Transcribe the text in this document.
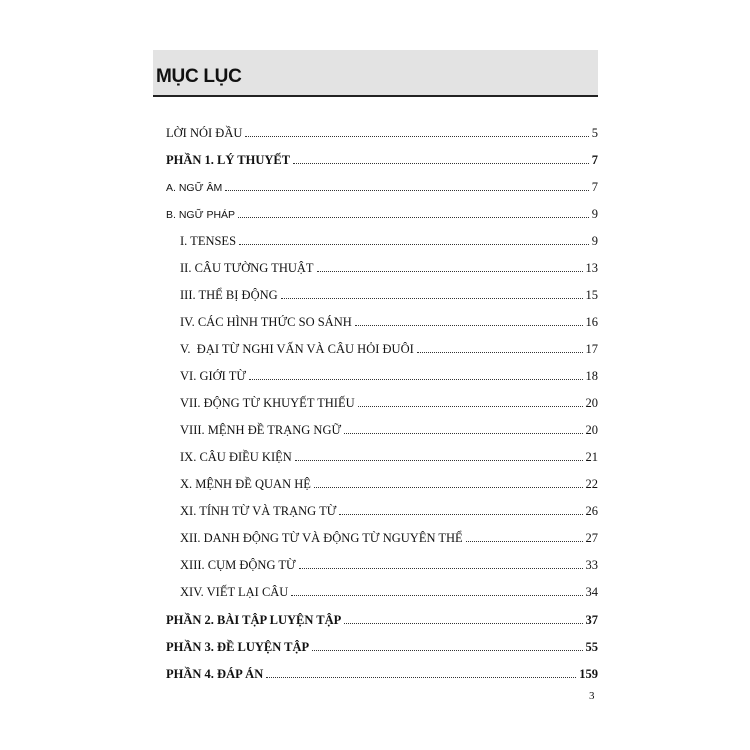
MỤC LỤC
LỜI NÓI ĐẦU	5
PHẦN 1. LÝ THUYẾT	7
A. NGỮ ÂM	7
B. NGỮ PHÁP	9
I. TENSES	9
II. CÂU TƯỜNG THUẬT	13
III. THỂ BỊ ĐỘNG	15
IV. CÁC HÌNH THỨC SO SÁNH	16
V.  ĐẠI TỪ NGHI VẤN VÀ CÂU HỎI ĐUÔI	17
VI. GIỚI TỪ	18
VII. ĐỘNG TỪ KHUYẾT THIẾU	20
VIII. MỆNH ĐỀ TRẠNG NGỮ	20
IX. CÂU ĐIỀU KIỆN	21
X. MỆNH ĐỀ QUAN HỆ	22
XI. TÍNH TỪ VÀ TRẠNG TỪ	26
XII. DANH ĐỘNG TỪ VÀ ĐỘNG TỪ NGUYÊN THỂ	27
XIII. CỤM ĐỘNG TỪ	33
XIV. VIẾT LẠI CÂU	34
PHẦN 2. BÀI TẬP LUYỆN TẬP	37
PHẦN 3. ĐỀ LUYỆN TẬP	55
PHẦN 4. ĐÁP ÁN	159
3
